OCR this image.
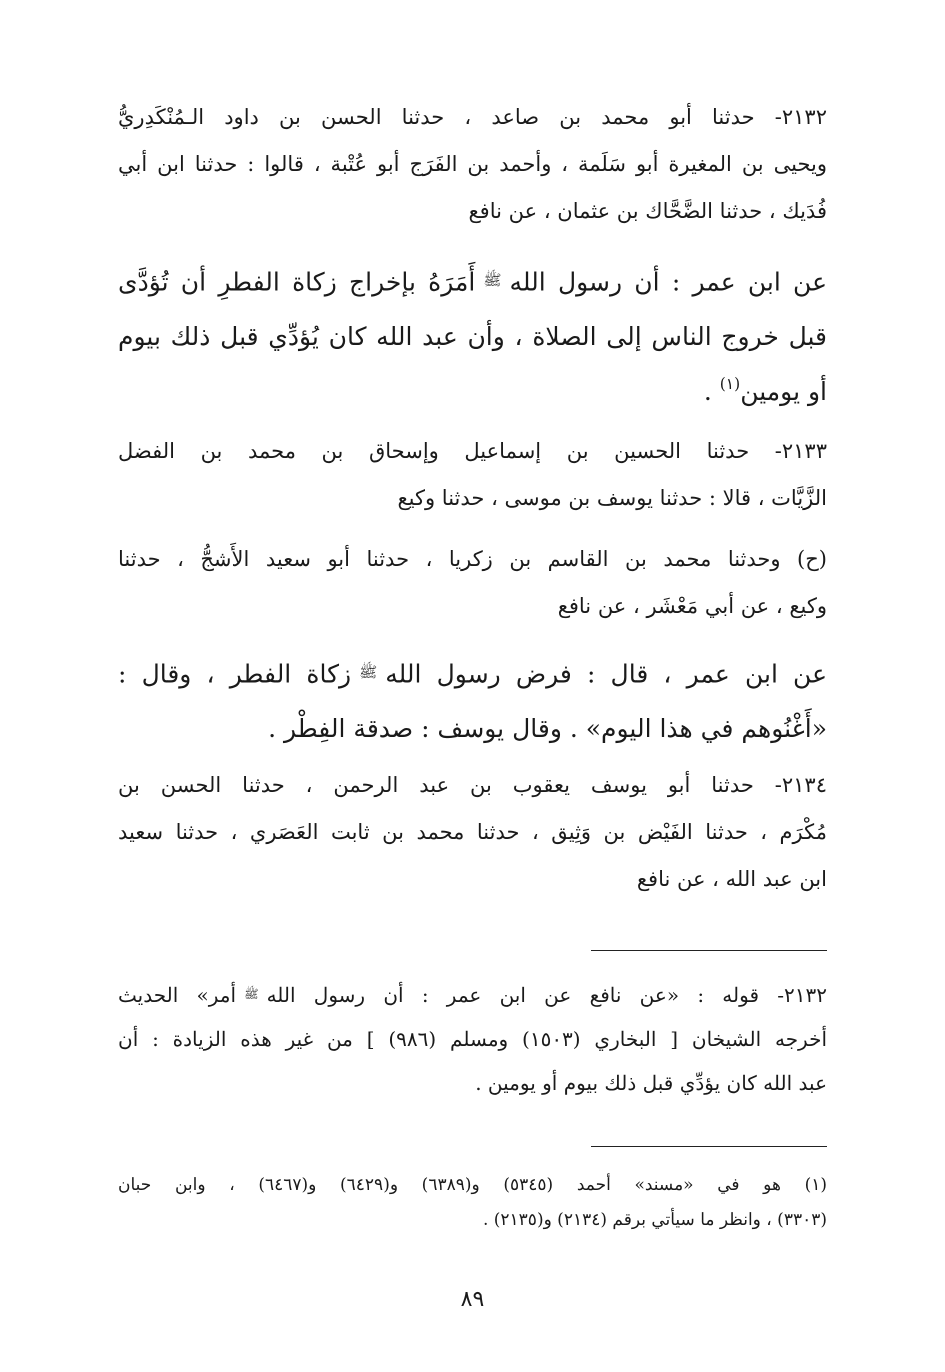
٢١٣٢- حدثنا أبو محمد بن صاعد ، حدثنا الحسن بن داود الـمُنْكَدِريُّ
ويحيى بن المغيرة أبو سَلَمة ، وأحمد بن الفَرَج أبو عُتْبة ، قالوا : حدثنا ابن أبي
فُدَيك ، حدثنا الضَّحَّاك بن عثمان ، عن نافع
عن ابن عمر : أن رسول اللهﷺأَمَرَهُ بإخراج زكاة الفطرِ أن تُؤدَّى
قبل خروج الناس إلى الصلاة ، وأن عبد الله كان يُؤدِّي قبل ذلك بيوم
أو يومين$^{(١)}$ .
٢١٣٣- حدثنا الحسين بن إسماعيل وإسحاق بن محمد بن الفضل
الزَّيَّات ، قالا : حدثنا يوسف بن موسى ، حدثنا وكيع
(ح) وحدثنا محمد بن القاسم بن زكريا ، حدثنا أبو سعيد الأَشجُّ ، حدثنا
وكيع ، عن أبي مَعْشَر ، عن نافع
عن ابن عمر ، قال : فرض رسول اللهﷺزكاة الفطر ، وقال :
«أَغْنُوهم في هذا اليوم» . وقال يوسف : صدقة الفِطْر .
٢١٣٤- حدثنا أبو يوسف يعقوب بن عبد الرحمن ، حدثنا الحسن بن
مُكْرَم ، حدثنا الفَيْض بن وَثِيق ، حدثنا محمد بن ثابت العَصَري ، حدثنا سعيد
ابن عبد الله ، عن نافع
٢١٣٢- قوله : «عن نافع عن ابن عمر : أن رسول اللهﷺأمر» الحديث
أخرجه الشيخان [ البخاري (١٥٠٣) ومسلم (٩٨٦) ] من غير هذه الزيادة : أن
عبد الله كان يؤدِّي قبل ذلك بيوم أو يومين .
(١) هو في «مسند» أحمد (٥٣٤٥) و(٦٣٨٩) و(٦٤٢٩) و(٦٤٦٧) ، وابن حبان
(٣٣٠٣) ، وانظر ما سيأتي برقم (٢١٣٤) و(٢١٣٥) .
٨٩
